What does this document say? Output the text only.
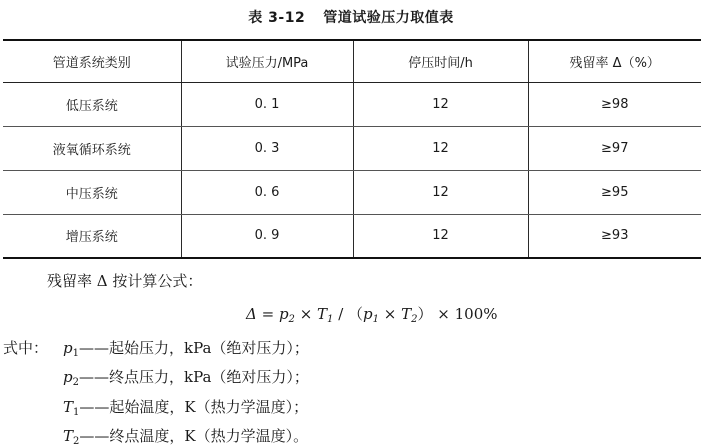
表 3-12 管道试验压力取值表
管道系统类别	试验压力/MPa	停压时间/h	残留率 Δ（%）
低压系统	0. 1	12	≥98
液氧循环系统	0. 3	12	≥97
中压系统	0. 6	12	≥95
增压系统	0. 9	12	≥93
残留率 Δ 按计算公式：
$\Delta = p_2 \times T_1 / (p_1 \times T_2) \times 100\%$
式中： $p_1——$起始压力，kPa（绝对压力）；
$p_2——$终点压力，kPa（绝对压力）；
$T_1——$起始温度，K（热力学温度）；
$T_2——$终点温度，K（热力学温度）。
